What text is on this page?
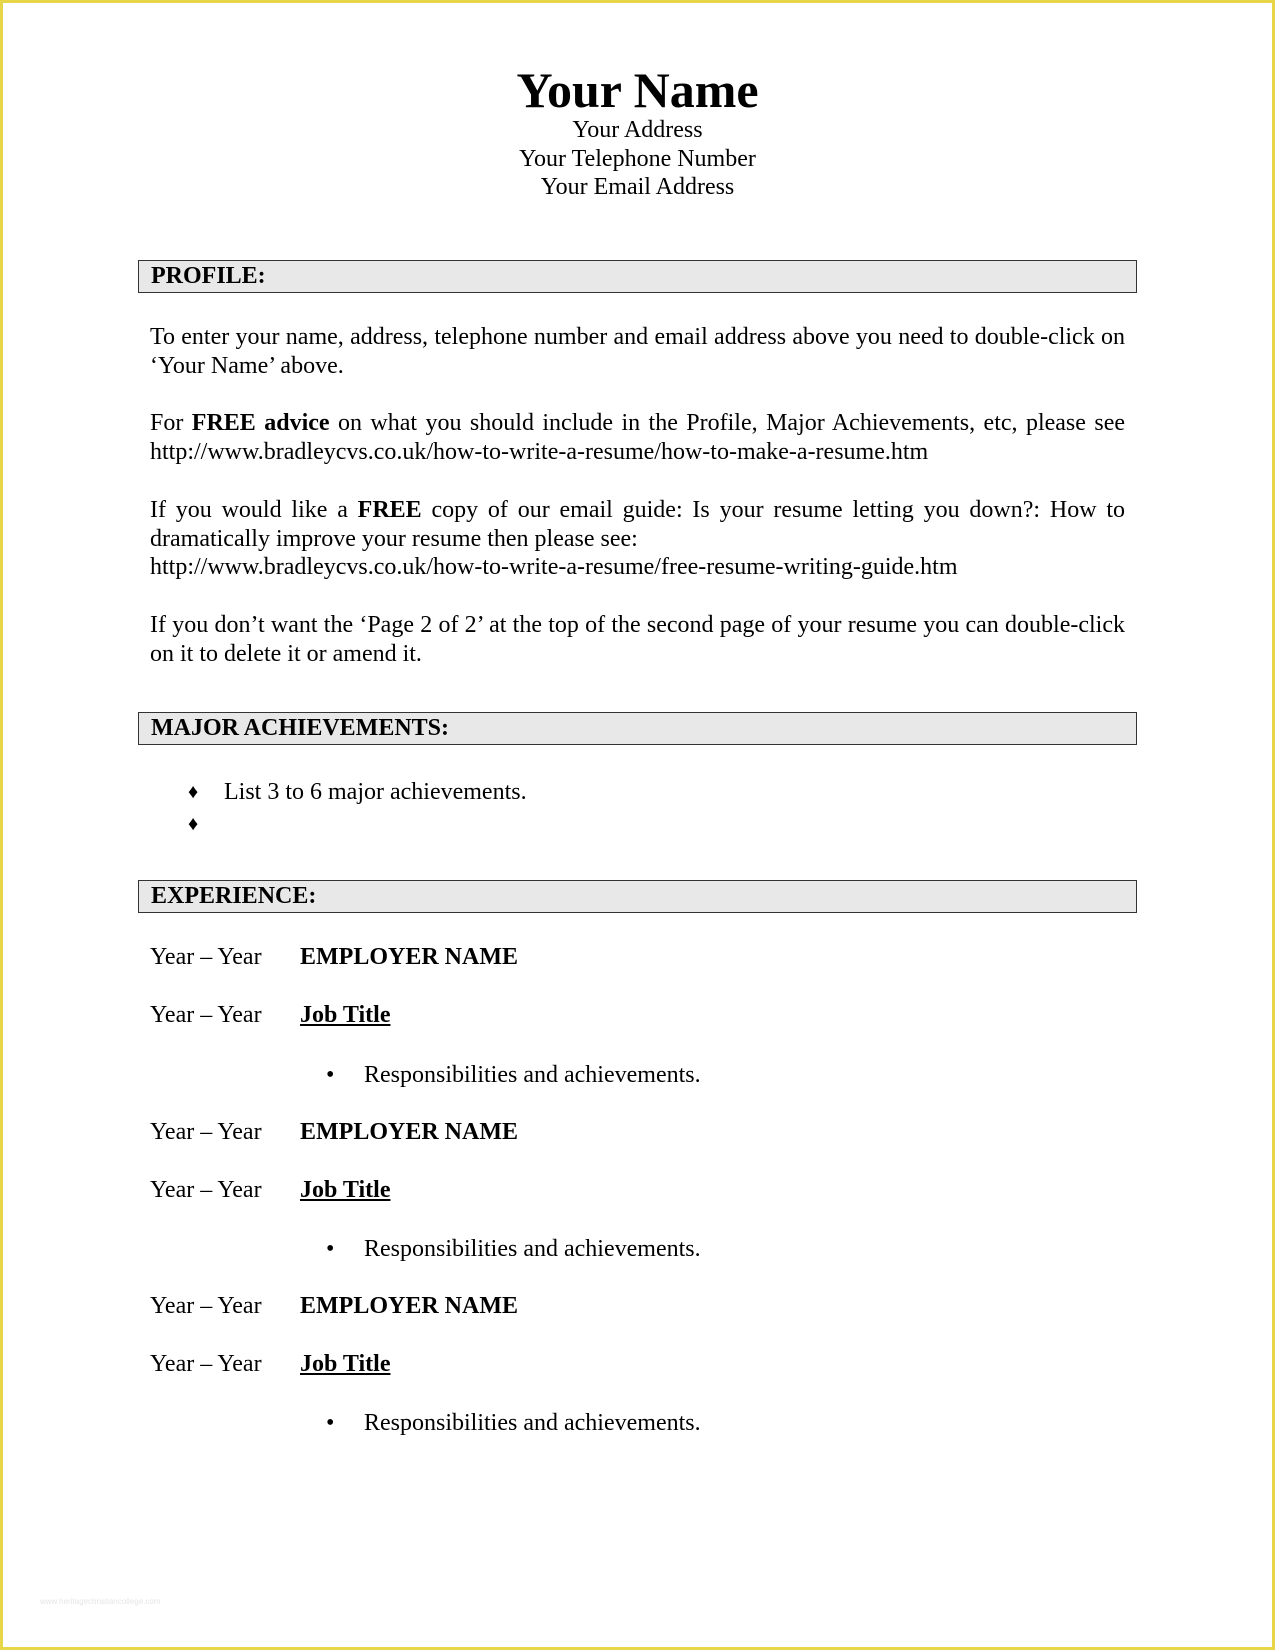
Your Name
Your Address
Your Telephone Number
Your Email Address
PROFILE:
To enter your name, address, telephone number and email address above you need to double-click on ‘Your Name’ above.
For FREE advice on what you should include in the Profile, Major Achievements, etc, please see http://www.bradleycvs.co.uk/how-to-write-a-resume/how-to-make-a-resume.htm
If you would like a FREE copy of our email guide: Is your resume letting you down?: How to dramatically improve your resume then please see:
http://www.bradleycvs.co.uk/how-to-write-a-resume/free-resume-writing-guide.htm
If you don’t want the ‘Page 2 of 2’ at the top of the second page of your resume you can double-click on it to delete it or amend it.
MAJOR ACHIEVEMENTS:
♦ List 3 to 6 major achievements.
♦
EXPERIENCE:
Year – Year EMPLOYER NAME
Year – Year Job Title
• Responsibilities and achievements.
Year – Year EMPLOYER NAME
Year – Year Job Title
• Responsibilities and achievements.
Year – Year EMPLOYER NAME
Year – Year Job Title
• Responsibilities and achievements.
www.heritagechristiancollege.com
